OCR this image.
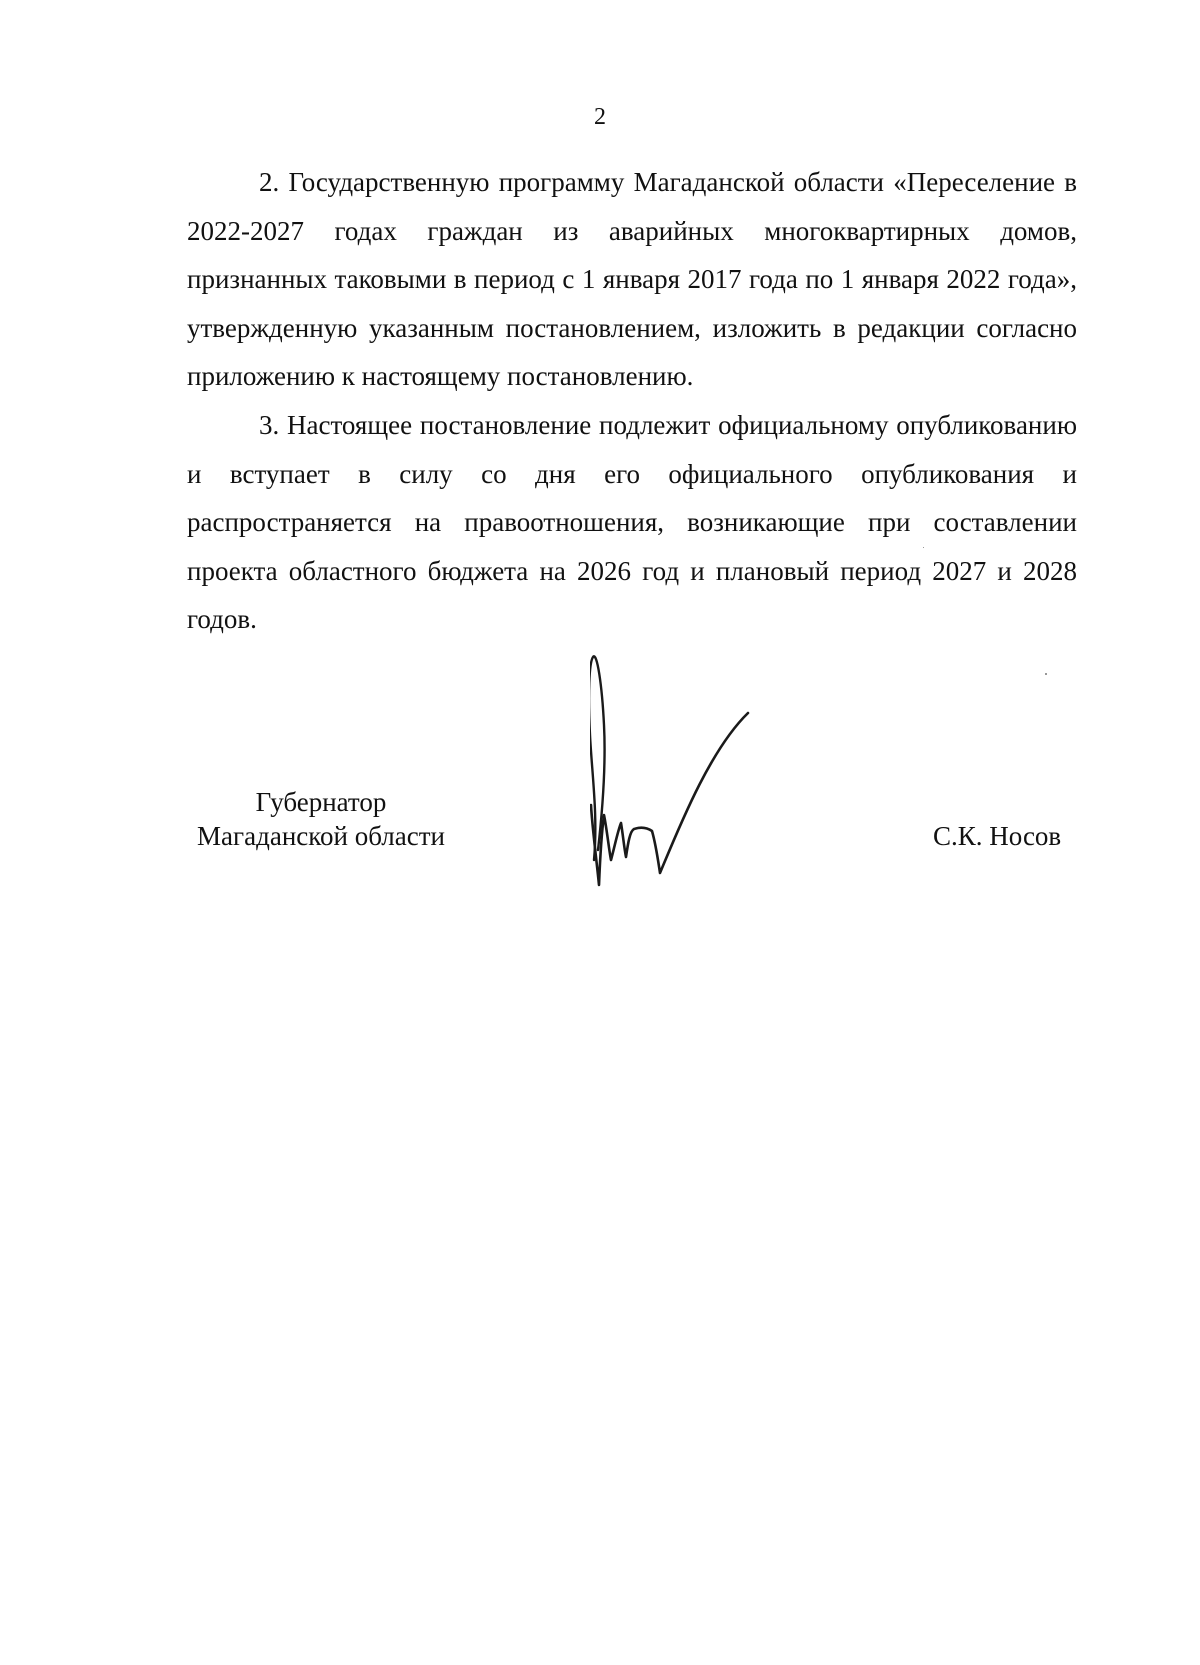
2

2. Государственную программу Магаданской области «Переселение в 2022-2027 годах граждан из аварийных многоквартирных домов, признанных таковыми в период с 1 января 2017 года по 1 января 2022 года», утвержденную указанным постановлением, изложить в редакции согласно приложению к настоящему постановлению.

3. Настоящее постановление подлежит официальному опубликованию и вступает в силу со дня его официального опубликования и распространяется на правоотношения, возникающие при составлении проекта областного бюджета на 2026 год и плановый период 2027 и 2028 годов.

Губернатор
Магаданской области	С.К. Носов
